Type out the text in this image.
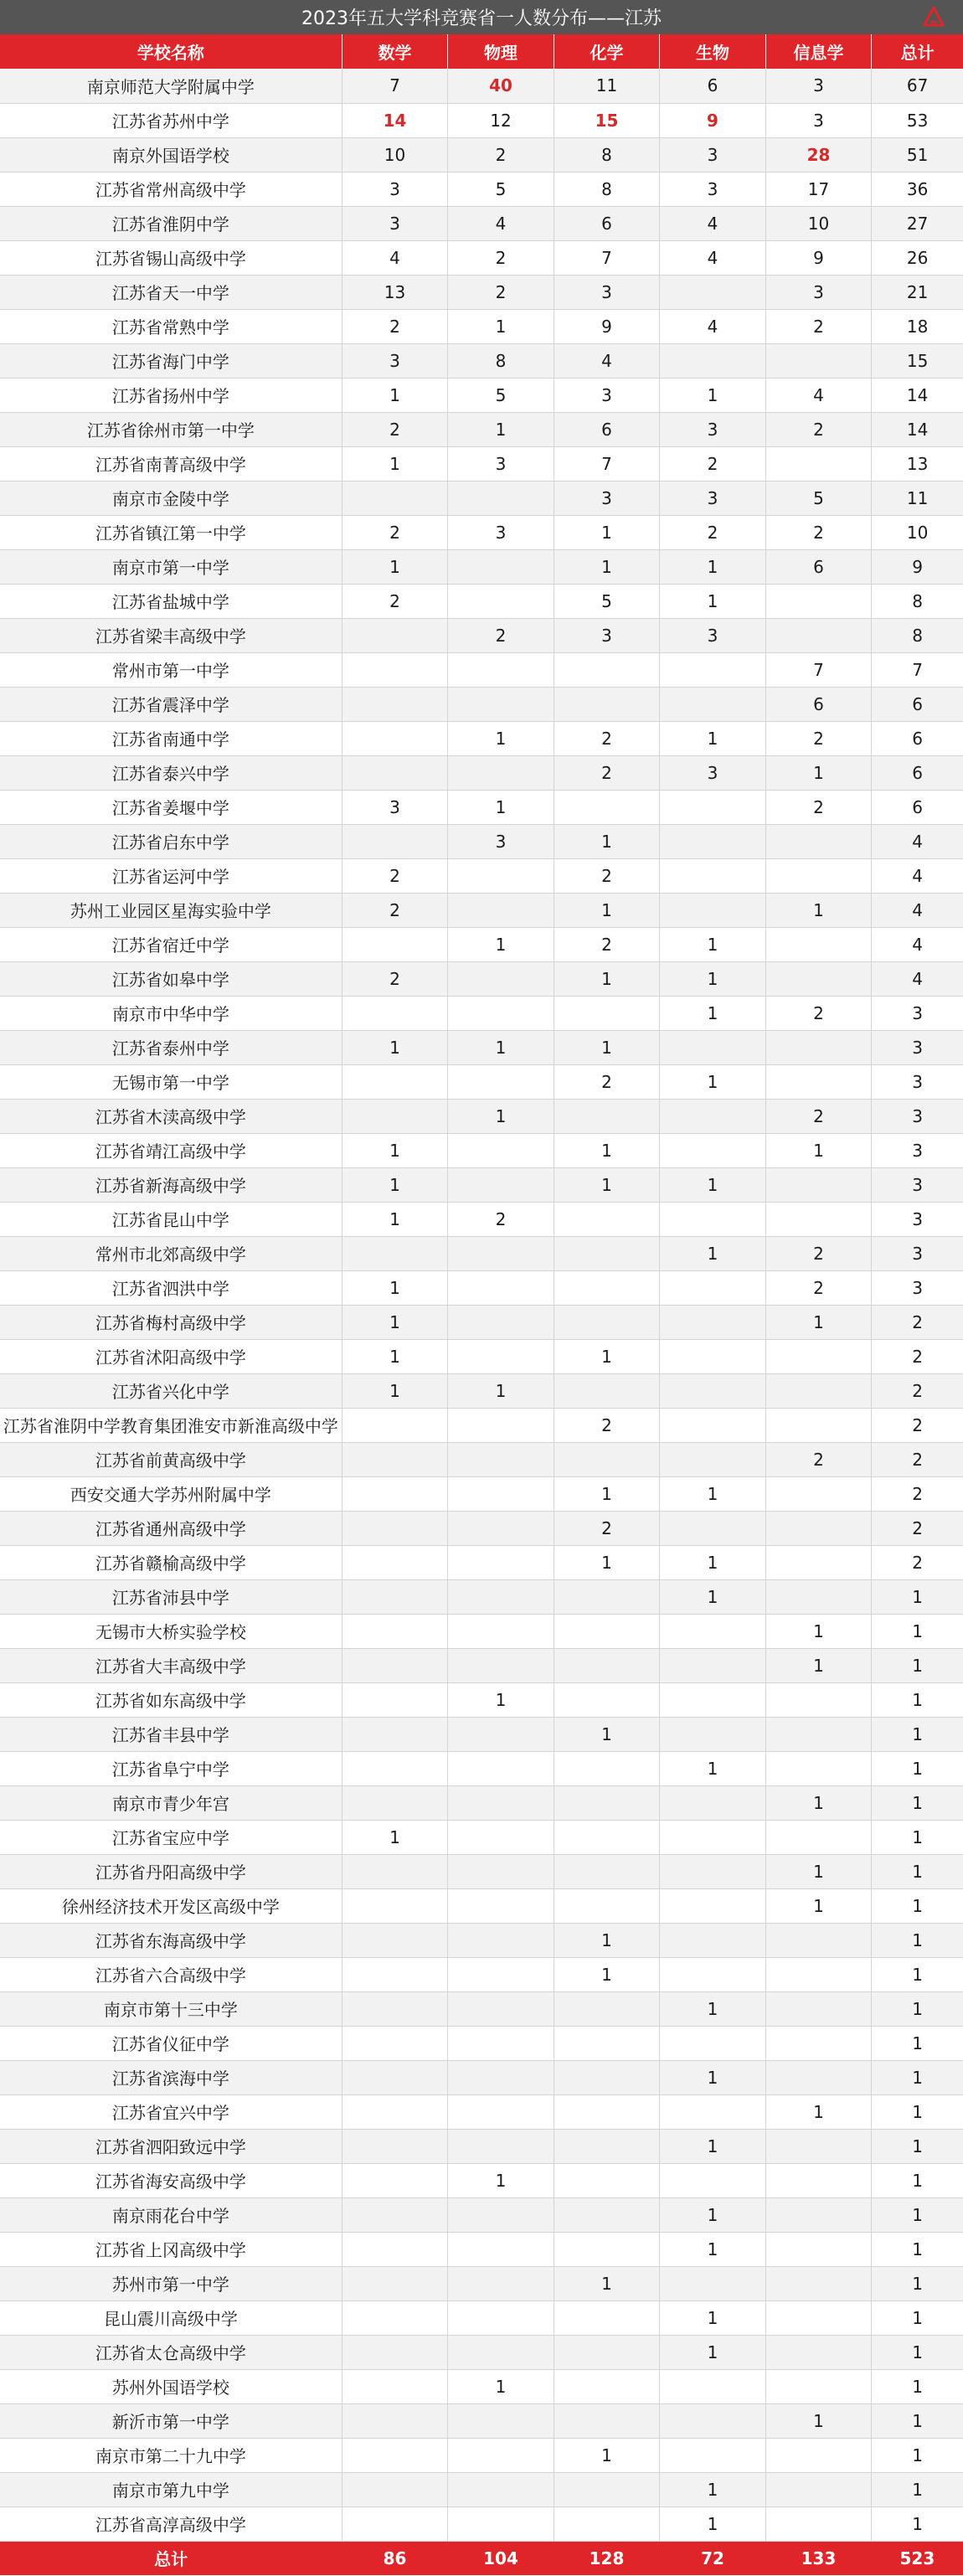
2023年五大学科竞赛省一人数分布——江苏
学校名称	数学	物理	化学	生物	信息学	总计
南京师范大学附属中学	7	40	11	6	3	67
江苏省苏州中学	14	12	15	9	3	53
南京外国语学校	10	2	8	3	28	51
江苏省常州高级中学	3	5	8	3	17	36
江苏省淮阴中学	3	4	6	4	10	27
江苏省锡山高级中学	4	2	7	4	9	26
江苏省天一中学	13	2	3		3	21
江苏省常熟中学	2	1	9	4	2	18
江苏省海门中学	3	8	4			15
江苏省扬州中学	1	5	3	1	4	14
江苏省徐州市第一中学	2	1	6	3	2	14
江苏省南菁高级中学	1	3	7	2		13
南京市金陵中学			3	3	5	11
江苏省镇江第一中学	2	3	1	2	2	10
南京市第一中学	1		1	1	6	9
江苏省盐城中学	2		5	1		8
江苏省梁丰高级中学		2	3	3		8
常州市第一中学					7	7
江苏省震泽中学					6	6
江苏省南通中学		1	2	1	2	6
江苏省泰兴中学			2	3	1	6
江苏省姜堰中学	3	1			2	6
江苏省启东中学		3	1			4
江苏省运河中学	2		2			4
苏州工业园区星海实验中学	2		1		1	4
江苏省宿迁中学		1	2	1		4
江苏省如皋中学	2		1	1		4
南京市中华中学				1	2	3
江苏省泰州中学	1	1	1			3
无锡市第一中学			2	1		3
江苏省木渎高级中学		1			2	3
江苏省靖江高级中学	1		1		1	3
江苏省新海高级中学	1		1	1		3
江苏省昆山中学	1	2				3
常州市北郊高级中学				1	2	3
江苏省泗洪中学	1				2	3
江苏省梅村高级中学	1				1	2
江苏省沭阳高级中学	1		1			2
江苏省兴化中学	1	1				2
江苏省淮阴中学教育集团淮安市新淮高级中学			2			2
江苏省前黄高级中学					2	2
西安交通大学苏州附属中学			1	1		2
江苏省通州高级中学			2			2
江苏省赣榆高级中学			1	1		2
江苏省沛县中学				1		1
无锡市大桥实验学校					1	1
江苏省大丰高级中学					1	1
江苏省如东高级中学		1				1
江苏省丰县中学			1			1
江苏省阜宁中学				1		1
南京市青少年宫					1	1
江苏省宝应中学	1					1
江苏省丹阳高级中学					1	1
徐州经济技术开发区高级中学					1	1
江苏省东海高级中学			1			1
江苏省六合高级中学			1			1
南京市第十三中学				1		1
江苏省仪征中学						1
江苏省滨海中学				1		1
江苏省宜兴中学					1	1
江苏省泗阳致远中学				1		1
江苏省海安高级中学		1				1
南京雨花台中学				1		1
江苏省上冈高级中学				1		1
苏州市第一中学			1			1
昆山震川高级中学				1		1
江苏省太仓高级中学				1		1
苏州外国语学校		1				1
新沂市第一中学					1	1
南京市第二十九中学			1			1
南京市第九中学				1		1
江苏省高淳高级中学				1		1
总计	86	104	128	72	133	523
